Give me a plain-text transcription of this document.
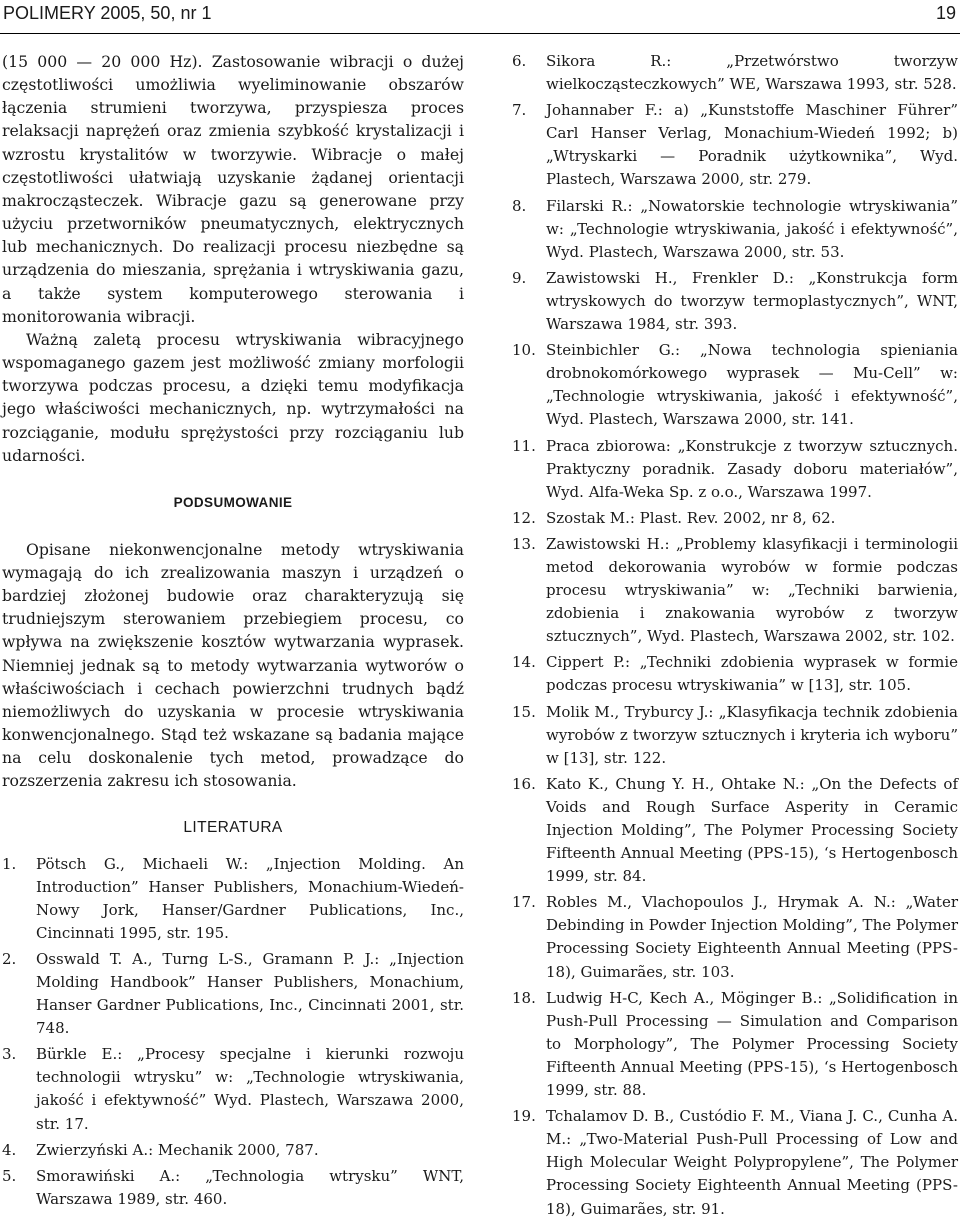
POLIMERY 2005, 50, nr 1	19

(15 000 — 20 000 Hz). Zastosowanie wibracji o dużej częstotliwości umożliwia wyeliminowanie obszarów łączenia strumieni tworzywa, przyspiesza proces relaksacji naprężeń oraz zmienia szybkość krystalizacji i wzrostu krystalitów w tworzywie. Wibracje o małej częstotliwości ułatwiają uzyskanie żądanej orientacji makrocząsteczek. Wibracje gazu są generowane przy użyciu przetworników pneumatycznych, elektrycznych lub mechanicznych. Do realizacji procesu niezbędne są urządzenia do mieszania, sprężania i wtryskiwania gazu, a także system komputerowego sterowania i monitorowania wibracji.

Ważną zaletą procesu wtryskiwania wibracyjnego wspomaganego gazem jest możliwość zmiany morfologii tworzywa podczas procesu, a dzięki temu modyfikacja jego właściwości mechanicznych, np. wytrzymałości na rozciąganie, modułu sprężystości przy rozciąganiu lub udarności.

PODSUMOWANIE

Opisane niekonwencjonalne metody wtryskiwania wymagają do ich zrealizowania maszyn i urządzeń o bardziej złożonej budowie oraz charakteryzują się trudniejszym sterowaniem przebiegiem procesu, co wpływa na zwiększenie kosztów wytwarzania wyprasek. Niemniej jednak są to metody wytwarzania wytworów o właściwościach i cechach powierzchni trudnych bądź niemożliwych do uzyskania w procesie wtryskiwania konwencjonalnego. Stąd też wskazane są badania mające na celu doskonalenie tych metod, prowadzące do rozszerzenia zakresu ich stosowania.

LITERATURA
1. Pötsch G., Michaeli W.: „Injection Molding. An Introduction” Hanser Publishers, Monachium-Wiedeń-Nowy Jork, Hanser/Gardner Publications, Inc., Cincinnati 1995, str. 195.
2. Osswald T. A., Turng L-S., Gramann P. J.: „Injection Molding Handbook” Hanser Publishers, Monachium, Hanser Gardner Publications, Inc., Cincinnati 2001, str. 748.
3. Bürkle E.: „Procesy specjalne i kierunki rozwoju technologii wtrysku” w: „Technologie wtryskiwania, jakość i efektywność” Wyd. Plastech, Warszawa 2000, str. 17.
4. Zwierzyński A.: Mechanik 2000, 787.
5. Smorawiński A.: „Technologia wtrysku” WNT, Warszawa 1989, str. 460.
6. Sikora R.: „Przetwórstwo tworzyw wielkocząsteczkowych” WE, Warszawa 1993, str. 528.
7. Johannaber F.: a) „Kunststoffe Maschiner Führer” Carl Hanser Verlag, Monachium-Wiedeń 1992; b) „Wtryskarki — Poradnik użytkownika”, Wyd. Plastech, Warszawa 2000, str. 279.
8. Filarski R.: „Nowatorskie technologie wtryskiwania” w: „Technologie wtryskiwania, jakość i efektywność”, Wyd. Plastech, Warszawa 2000, str. 53.
9. Zawistowski H., Frenkler D.: „Konstrukcja form wtryskowych do tworzyw termoplastycznych”, WNT, Warszawa 1984, str. 393.
10. Steinbichler G.: „Nowa technologia spieniania drobnokomórkowego wyprasek — Mu-Cell” w: „Technologie wtryskiwania, jakość i efektywność”, Wyd. Plastech, Warszawa 2000, str. 141.
11. Praca zbiorowa: „Konstrukcje z tworzyw sztucznych. Praktyczny poradnik. Zasady doboru materiałów”, Wyd. Alfa-Weka Sp. z o.o., Warszawa 1997.
12. Szostak M.: Plast. Rev. 2002, nr 8, 62.
13. Zawistowski H.: „Problemy klasyfikacji i terminologii metod dekorowania wyrobów w formie podczas procesu wtryskiwania” w: „Techniki barwienia, zdobienia i znakowania wyrobów z tworzyw sztucznych”, Wyd. Plastech, Warszawa 2002, str. 102.
14. Cippert P.: „Techniki zdobienia wyprasek w formie podczas procesu wtryskiwania” w [13], str. 105.
15. Molik M., Tryburcy J.: „Klasyfikacja technik zdobienia wyrobów z tworzyw sztucznych i kryteria ich wyboru” w [13], str. 122.
16. Kato K., Chung Y. H., Ohtake N.: „On the Defects of Voids and Rough Surface Asperity in Ceramic Injection Molding”, The Polymer Processing Society Fifteenth Annual Meeting (PPS-15), ‘s Hertogenbosch 1999, str. 84.
17. Robles M., Vlachopoulos J., Hrymak A. N.: „Water Debinding in Powder Injection Molding”, The Polymer Processing Society Eighteenth Annual Meeting (PPS-18), Guimarães, str. 103.
18. Ludwig H-C, Kech A., Möginger B.: „Solidification in Push-Pull Processing — Simulation and Comparison to Morphology”, The Polymer Processing Society Fifteenth Annual Meeting (PPS-15), ‘s Hertogenbosch 1999, str. 88.
19. Tchalamov D. B., Custódio F. M., Viana J. C., Cunha A. M.: „Two-Material Push-Pull Processing of Low and High Molecular Weight Polypropylene”, The Polymer Processing Society Eighteenth Annual Meeting (PPS-18), Guimarães, str. 91.
